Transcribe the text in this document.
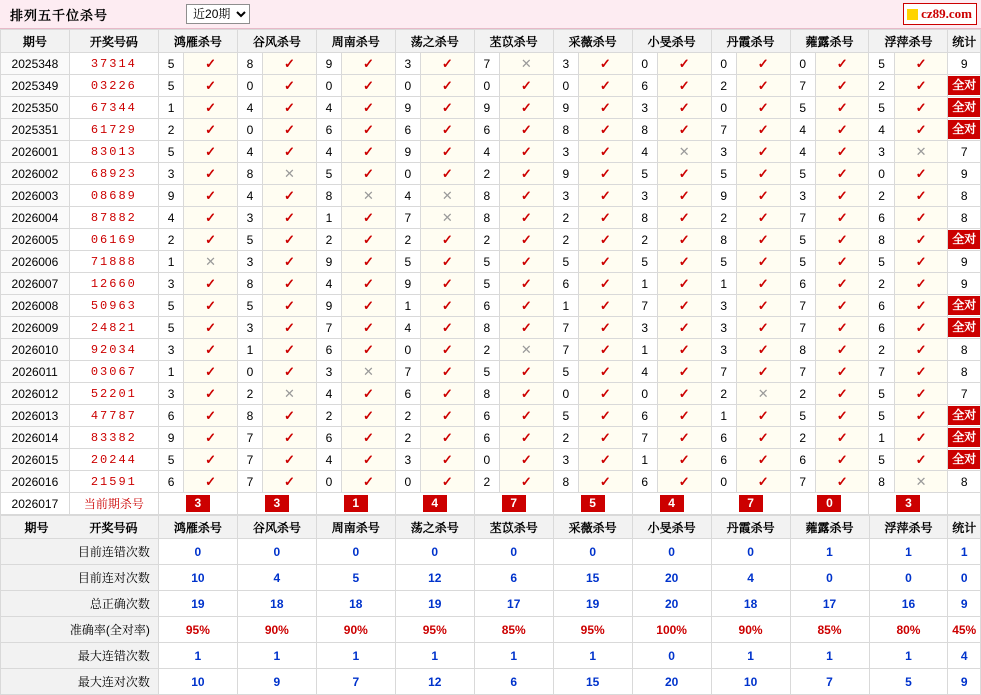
排列五千位杀号
近20期	cz89.com
期号	开奖号码	鸿雁杀号		谷风杀号		周南杀号		荡之杀号		苤苡杀号		采薇杀号		小旻杀号		丹霞杀号		蕹露杀号		浮萍杀号		统计
2025348	37314	5	✓	8	✓	9	✓	3	✓	7	✕	3	✓	0	✓	0	✓	0	✓	5	✓	9
2025349	03226	5	✓	0	✓	0	✓	0	✓	0	✓	0	✓	6	✓	2	✓	7	✓	2	✓	全对

2025350	67344	1	✓	4	✓	4	✓	9	✓	9	✓	9	✓	3	✓	0	✓	5	✓	5	✓	全对

2025351	61729	2	✓	0	✓	6	✓	6	✓	6	✓	8	✓	8	✓	7	✓	4	✓	4	✓	全对

2026001	83013	5	✓	4	✓	4	✓	9	✓	4	✓	3	✓	4	✕	3	✓	4	✓	3	✕	7
2026002	68923	3	✓	8	✕	5	✓	0	✓	2	✓	9	✓	5	✓	5	✓	5	✓	0	✓	9
2026003	08689	9	✓	4	✓	8	✕	4	✕	8	✓	3	✓	3	✓	9	✓	3	✓	2	✓	8
2026004	87882	4	✓	3	✓	1	✓	7	✕	8	✓	2	✓	8	✓	2	✓	7	✓	6	✓	8
2026005	06169	2	✓	5	✓	2	✓	2	✓	2	✓	2	✓	2	✓	8	✓	5	✓	8	✓	全对

2026006	71888	1	✕	3	✓	9	✓	5	✓	5	✓	5	✓	5	✓	5	✓	5	✓	5	✓	9
2026007	12660	3	✓	8	✓	4	✓	9	✓	5	✓	6	✓	1	✓	1	✓	6	✓	2	✓	9
2026008	50963	5	✓	5	✓	9	✓	1	✓	6	✓	1	✓	7	✓	3	✓	7	✓	6	✓	全对

2026009	24821	5	✓	3	✓	7	✓	4	✓	8	✓	7	✓	3	✓	3	✓	7	✓	6	✓	全对

2026010	92034	3	✓	1	✓	6	✓	0	✓	2	✕	7	✓	1	✓	3	✓	8	✓	2	✓	8
2026011	03067	1	✓	0	✓	3	✕	7	✓	5	✓	5	✓	4	✓	7	✓	7	✓	7	✓	8
2026012	52201	3	✓	2	✕	4	✓	6	✓	8	✓	0	✓	0	✓	2	✕	2	✓	5	✓	7
2026013	47787	6	✓	8	✓	2	✓	2	✓	6	✓	5	✓	6	✓	1	✓	5	✓	5	✓	全对

2026014	83382	9	✓	7	✓	6	✓	2	✓	6	✓	2	✓	7	✓	6	✓	2	✓	1	✓	全对

2026015	20244	5	✓	7	✓	4	✓	3	✓	0	✓	3	✓	1	✓	6	✓	6	✓	5	✓	全对

2026016	21591	6	✓	7	✓	0	✓	0	✓	2	✓	8	✓	6	✓	0	✓	7	✓	8	✕	8
2026017	当前期杀号	3		3		1		4		7		5		4		7		0		3		
期号 开奖号码	鸿雁杀号	谷风杀号	周南杀号	荡之杀号	苤苡杀号	采薇杀号	小旻杀号	丹霞杀号	蕹露杀号	浮萍杀号	统计
目前连错次数	0	0	0	0	0	0	0	0	1	1	1
目前连对次数	10	4	5	12	6	15	20	4	0	0	0
总正确次数	19	18	18	19	17	19	20	18	17	16	9
准确率(全对率)	95%	90%	90%	95%	85%	95%	100%	90%	85%	80%	45%
最大连错次数	1	1	1	1	1	1	0	1	1	1	4
最大连对次数	10	9	7	12	6	15	20	10	7	5	9
